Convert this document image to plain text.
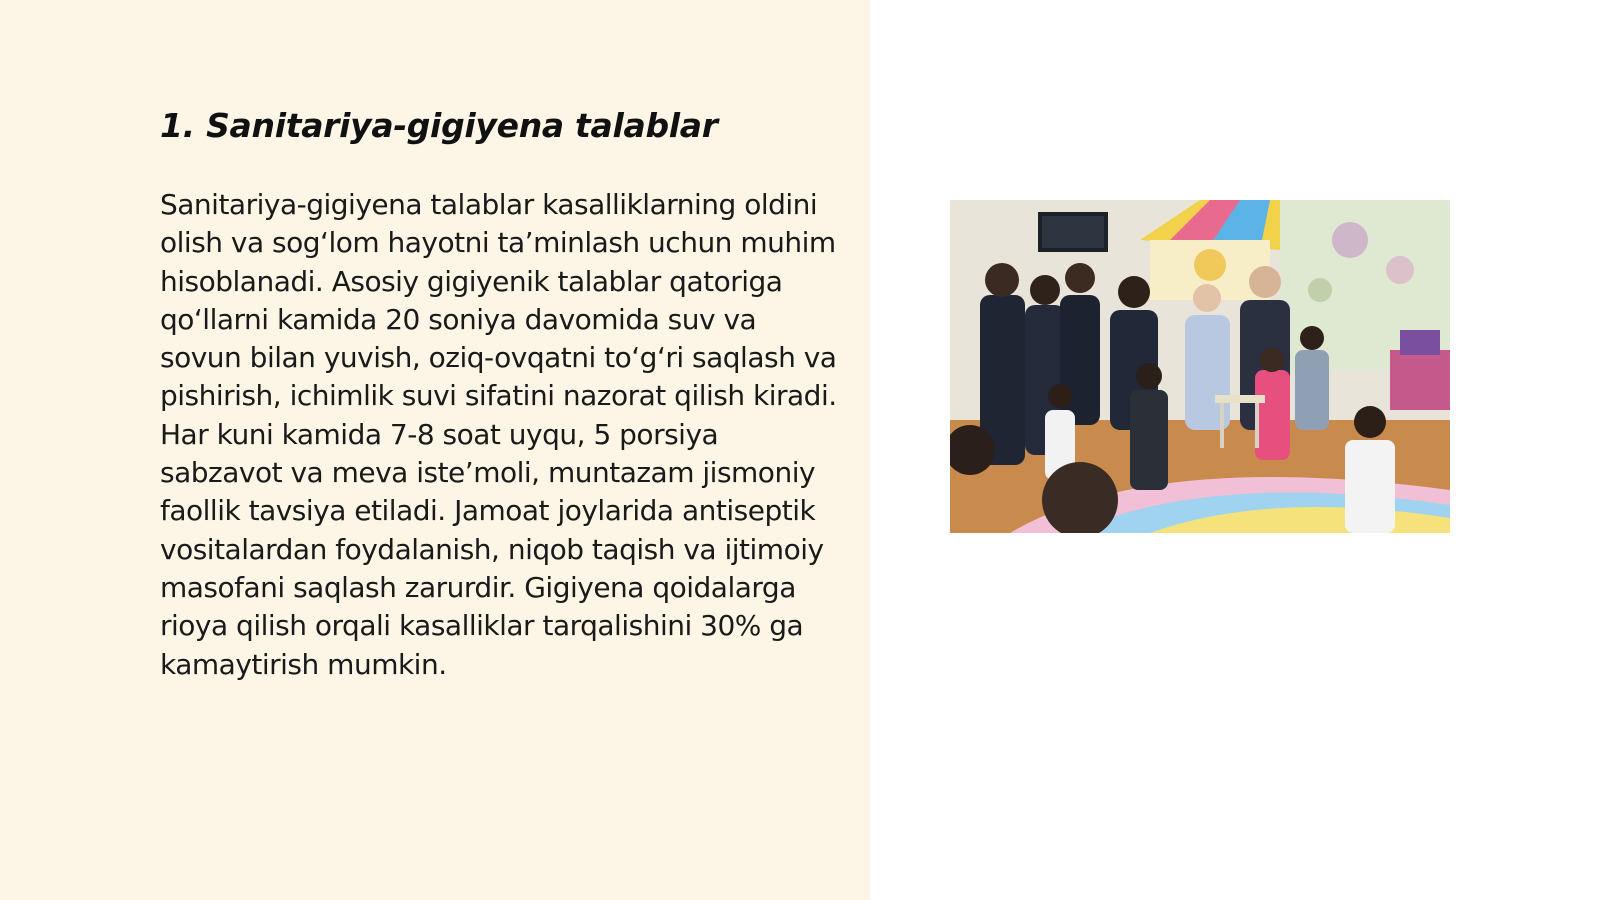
1. Sanitariya-gigiyena talablar

Sanitariya-gigiyena talablar kasalliklarning oldini olish va sog‘lom hayotni ta’minlash uchun muhim hisoblanadi. Asosiy gigiyenik talablar qatoriga qo‘llarni kamida 20 soniya davomida suv va sovun bilan yuvish, oziq-ovqatni to‘g‘ri saqlash va pishirish, ichimlik suvi sifatini nazorat qilish kiradi. Har kuni kamida 7-8 soat uyqu, 5 porsiya sabzavot va meva iste’moli, muntazam jismoniy faollik tavsiya etiladi. Jamoat joylarida antiseptik vositalardan foydalanish, niqob taqish va ijtimoiy masofani saqlash zarurdir. Gigiyena qoidalarga rioya qilish orqali kasalliklar tarqalishini 30% ga kamaytirish mumkin.
